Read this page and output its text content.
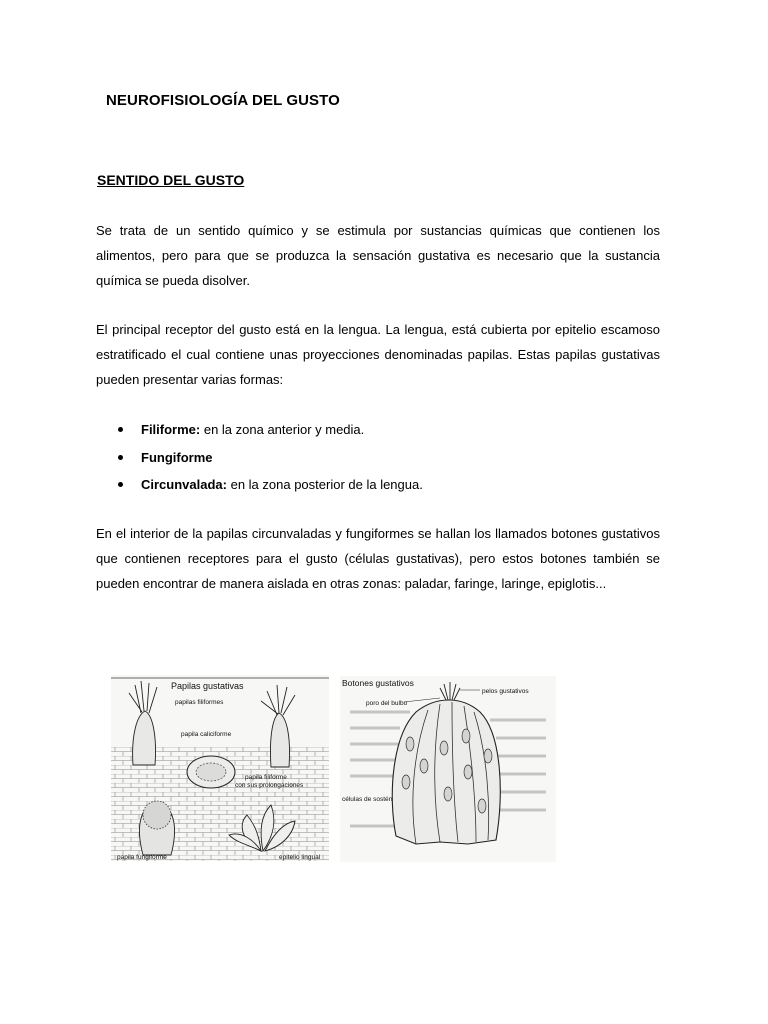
NEUROFISIOLOGÍA DEL GUSTO
SENTIDO DEL GUSTO

Se trata de un sentido químico y se estimula por sustancias químicas que contienen los alimentos, pero para que se produzca la sensación gustativa es necesario que la sustancia química se pueda disolver.

El principal receptor del gusto está en la lengua. La lengua, está cubierta por epitelio escamoso estratificado el cual contiene unas proyecciones denominadas papilas. Estas papilas gustativas pueden presentar varias formas:

Filiforme: en la zona anterior y media.
Fungiforme
Circunvalada: en la zona posterior de la lengua.

En el interior de la papilas circunvaladas y fungiformes se hallan los llamados botones gustativos que contienen receptores para el gusto (células gustativas), pero estos botones también se pueden encontrar de manera aislada en otras zonas: paladar, faringe, laringe, epiglotis...

Papilas gustativas
papilas filiformes
papila caliciforme
papila filiforme
con sus prolongaciones
papila fungiforme	epitelio lingual
Botones gustativos
pelos gustativos
poro del bulbo
células de sostén
